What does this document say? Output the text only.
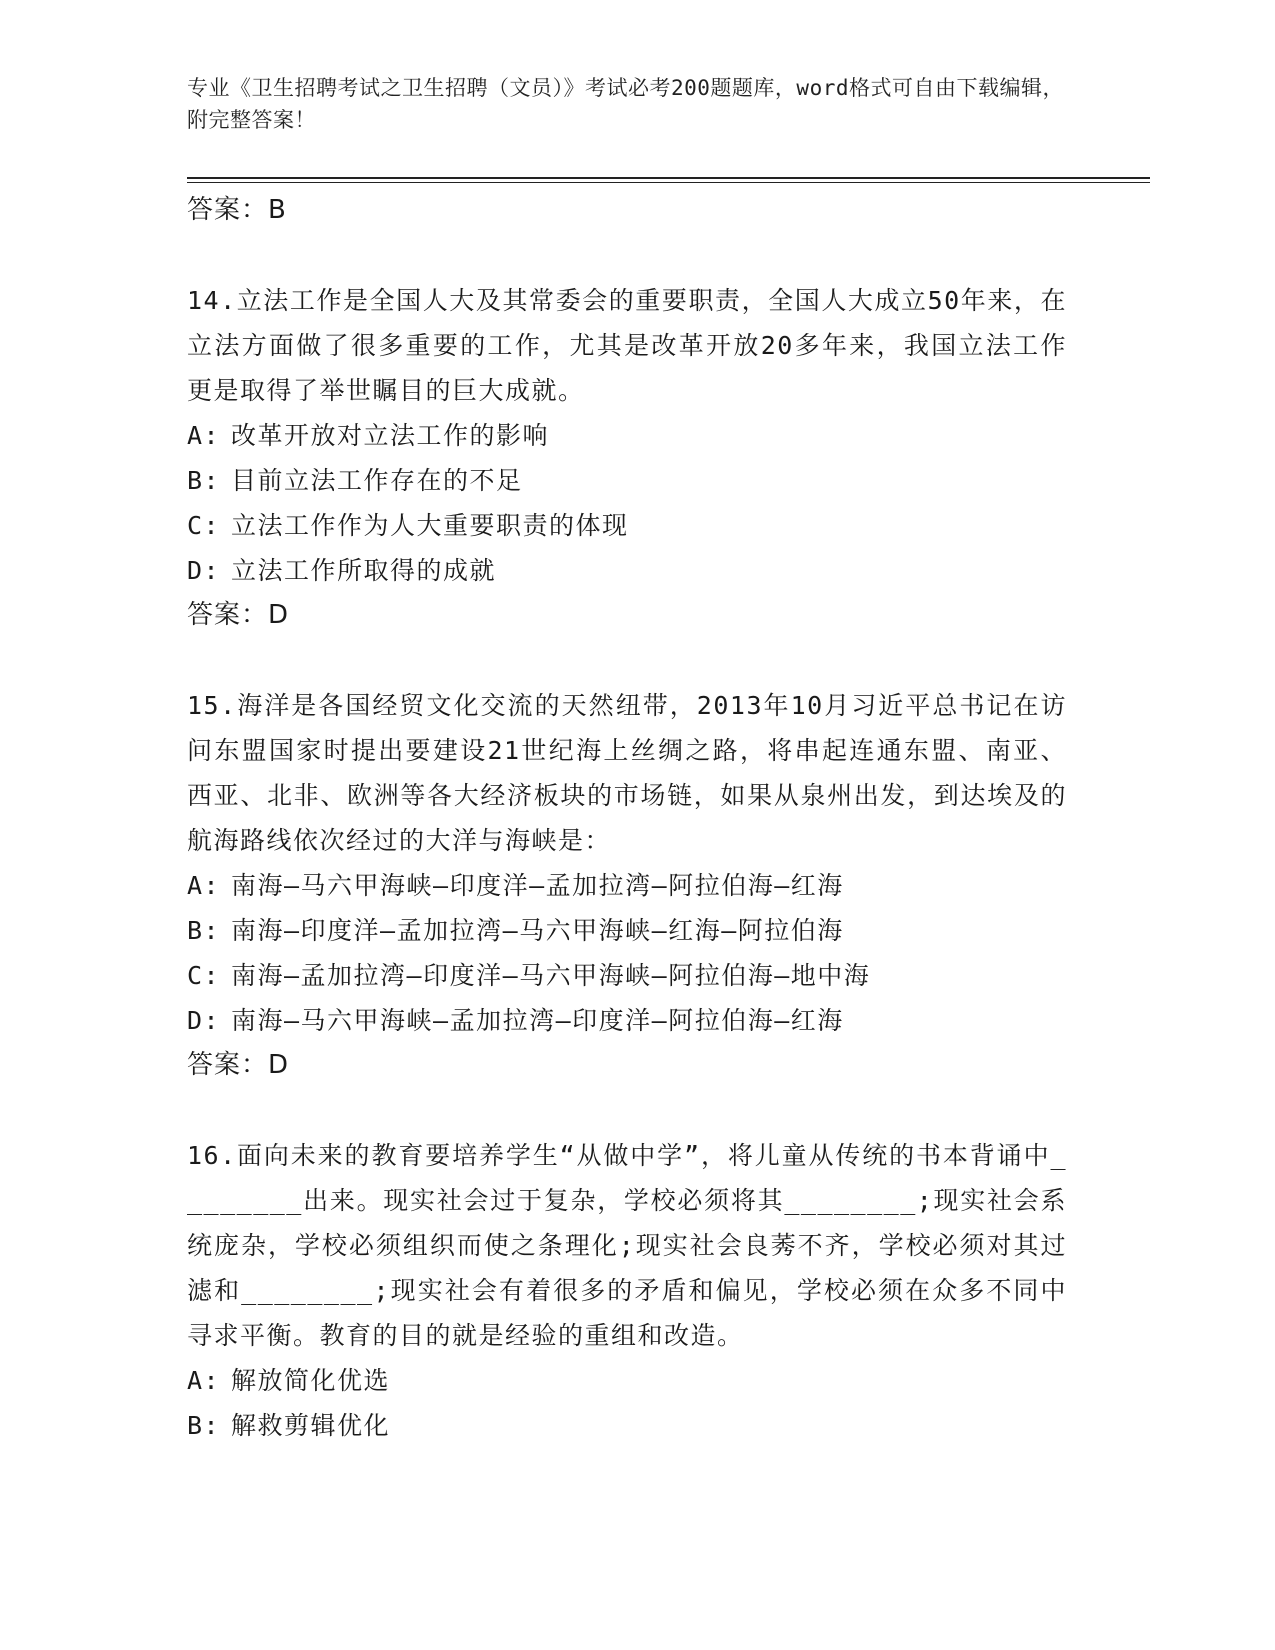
专业《卫生招聘考试之卫生招聘（文员）》考试必考200题题库，word格式可自由下载编辑，附完整答案！
答案：B
14.立法工作是全国人大及其常委会的重要职责，全国人大成立50年来，在立法方面做了很多重要的工作，尤其是改革开放20多年来，我国立法工作更是取得了举世瞩目的巨大成就。
A: 改革开放对立法工作的影响
B: 目前立法工作存在的不足
C: 立法工作作为人大重要职责的体现
D: 立法工作所取得的成就
答案：D
15.海洋是各国经贸文化交流的天然纽带，2013年10月习近平总书记在访问东盟国家时提出要建设21世纪海上丝绸之路，将串起连通东盟、南亚、西亚、北非、欧洲等各大经济板块的市场链，如果从泉州出发，到达埃及的航海路线依次经过的大洋与海峡是：
A: 南海—马六甲海峡—印度洋—孟加拉湾—阿拉伯海—红海
B: 南海—印度洋—孟加拉湾—马六甲海峡—红海—阿拉伯海
C: 南海—孟加拉湾—印度洋—马六甲海峡—阿拉伯海—地中海
D: 南海—马六甲海峡—孟加拉湾—印度洋—阿拉伯海—红海
答案：D
16.面向未来的教育要培养学生“从做中学”，将儿童从传统的书本背诵中________出来。现实社会过于复杂，学校必须将其________;现实社会系统庞杂，学校必须组织而使之条理化;现实社会良莠不齐，学校必须对其过滤和________;现实社会有着很多的矛盾和偏见，学校必须在众多不同中寻求平衡。教育的目的就是经验的重组和改造。
A: 解放简化优选
B: 解救剪辑优化
